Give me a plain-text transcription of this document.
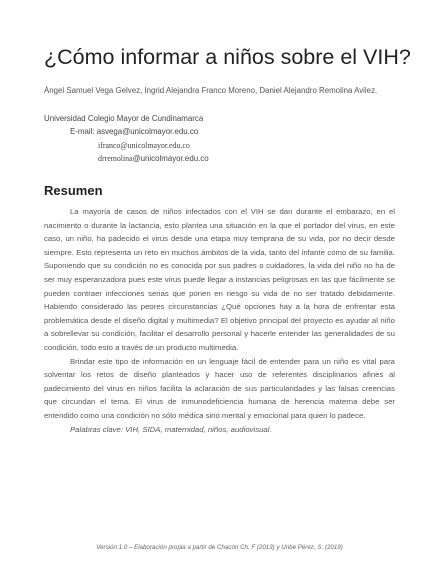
¿Cómo informar a niños sobre el VIH?

Ángel Samuel Vega Gelvez, Ingrid Alejandra Franco Moreno, Daniel Alejandro Remolina Avilez.

Universidad Colegio Mayor de Cundinamarca

E-mail: asvega@unicolmayor.edu.co

ifranco@unicolmayor.edu.co

drremolina@unicolmayor.edu.co

Resumen

La mayoría de casos de niños infectados con el VIH se dan durante el embarazo, en el nacimiento o durante la lactancia, esto plantea una situación en la que el portador del virus, en este caso, un niño, ha padecido el virus desde una etapa muy temprana de su vida, por no decir desde siempre. Esto representa un reto en muchos ámbitos de la vida, tanto del infante como de su familia. Suponiendo que su condición no es conocida por sus padres o cuidadores, la vida del niño no ha de ser muy esperanzadora pues este virus puede llegar a instancias peligrosas en las que fácilmente se pueden contraer infecciones serias que ponen en riesgo su vida de no ser tratado debidamente. Habiendo considerado las peores circunstancias ¿Qué opciones hay a la hora de enfrentar esta problemática desde el diseño digital y multimedia? El objetivo principal del proyecto es ayudar al niño a sobrellevar su condición, facilitar el desarrollo personal y hacerle entender las generalidades de su condición, todo esto a través de un producto multimedia.

Brindar este tipo de información en un lenguaje fácil de entender para un niño es vital para solventar los retos de diseño planteados y hacer uso de referentes disciplinarios afines al padecimiento del virus en niños facilita la aclaración de sus particularidades y las falsas creencias que circundan el tema. El virus de inmunodeficiencia humana de herencia materna debe ser entendido como una condición no sólo médica sino mental y emocional para quien lo padece.

Palabras clave: VIH, SIDA, maternidad, niños, audiovisual.

Versión 1.0 – Elaboración propia a partir de Chacón Ch. F (2013) y Uribe Pérez, S. (2019)
